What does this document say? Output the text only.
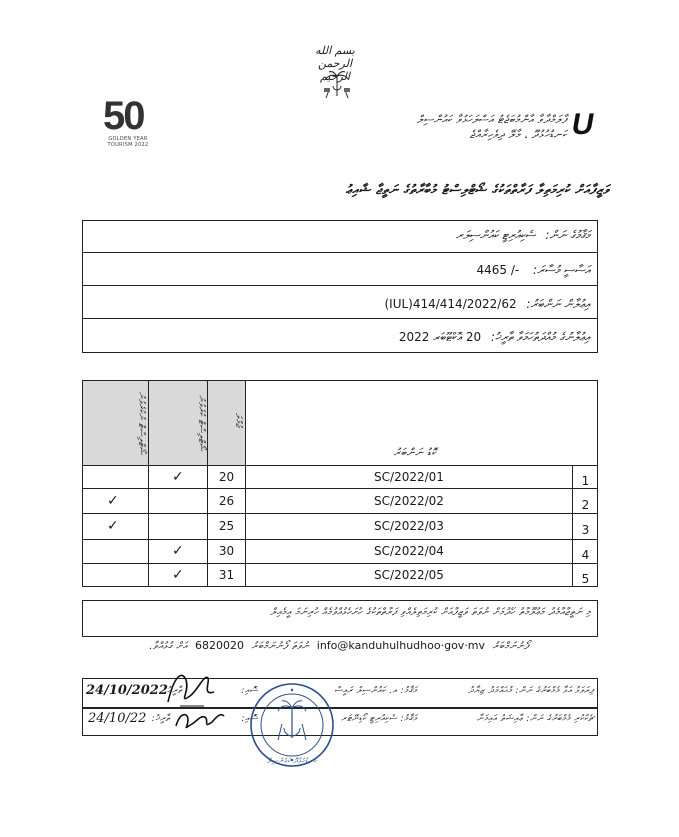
بسم الله الرحمن الرحيم
50
GOLDEN YEAR
TOURISM 2022
U
ފާލަމްދާވާ އާންމުބަޖެޓު އަސްލަހަޅުވާ ކައުންސިލް
ކަނޑުހުޅުދޫ ، މާލޭ ދިވެހިރާއްޖެ
ވަޒީފާއަށް ކުރިމަތިލާ ފަރާތްތަކުގެ ޝޯޓްލިސްޓު މުބާރާތުގެ ނަތީޖާ ޝާއިޢު
މަޤާމުގެ ނަން: ސެކިއުރިޓީ ކައުންސިލަރ
އަސާސީ މުސާރަ: 4465 /-
އިޢުލާން ނަންބަރު: (IUL)414/414/2022/62
އިޢުލާނުގެ މުއްދަތުހަމަވާ ތާރީޚު: 20 އޮކްޓޫބަރ 2022
ޝޯޓްލިސްޓް ނުކުރެވުނު	ޝޯޓްލިސްޓް ކުރެވުނު	ޖުމްލަ
ކޮޑު ނަންބަރު
1
SC/2022/01
20
✓
2
SC/2022/02
26
✓
3
SC/2022/03
25
✓
4
SC/2022/04
30
✓
5
SC/2022/05
31
✓
މި ނަތީޖާއާމެދު މަޢުލޫމާތު ހޯދުމަށް ނުވަތަ ވަޒީފާއަށް ކުރިމަތިލެއްވި ފަރާތްތަކުގެ ހުށަހެޅުއްވުމެއް ހުރިނަމަ އީމެއިލް
ފޯނުނަމްބަރު info@kanduhulhudhoo·gov·mv ނުވަތަ ފޯނުނަމްބަރު 6820020 އަށް ގުޅުއްވާ.
ފިޔަވަޅު އަޅާ މެމްބަރުގެ ނަން: މުޙައްމަދު ޒިޔާދު
މަޤާމު: އ. ކައުންސިލް ރައީސް
ސޮއި:
ތާރީޚު:
24/10/2022
ޗެކްކުރި މެމްބަރުގެ ނަން: ޢާއިޝަތު އައިމަނާ
މަޤާމު: ސެކިއުރިޓީ ކޯޑިނޭޓަރ
ސޮއި:
ތާރީޚު:
24/10/22
ކަނޑުހުޅުދޫ ކައުންސިލް
